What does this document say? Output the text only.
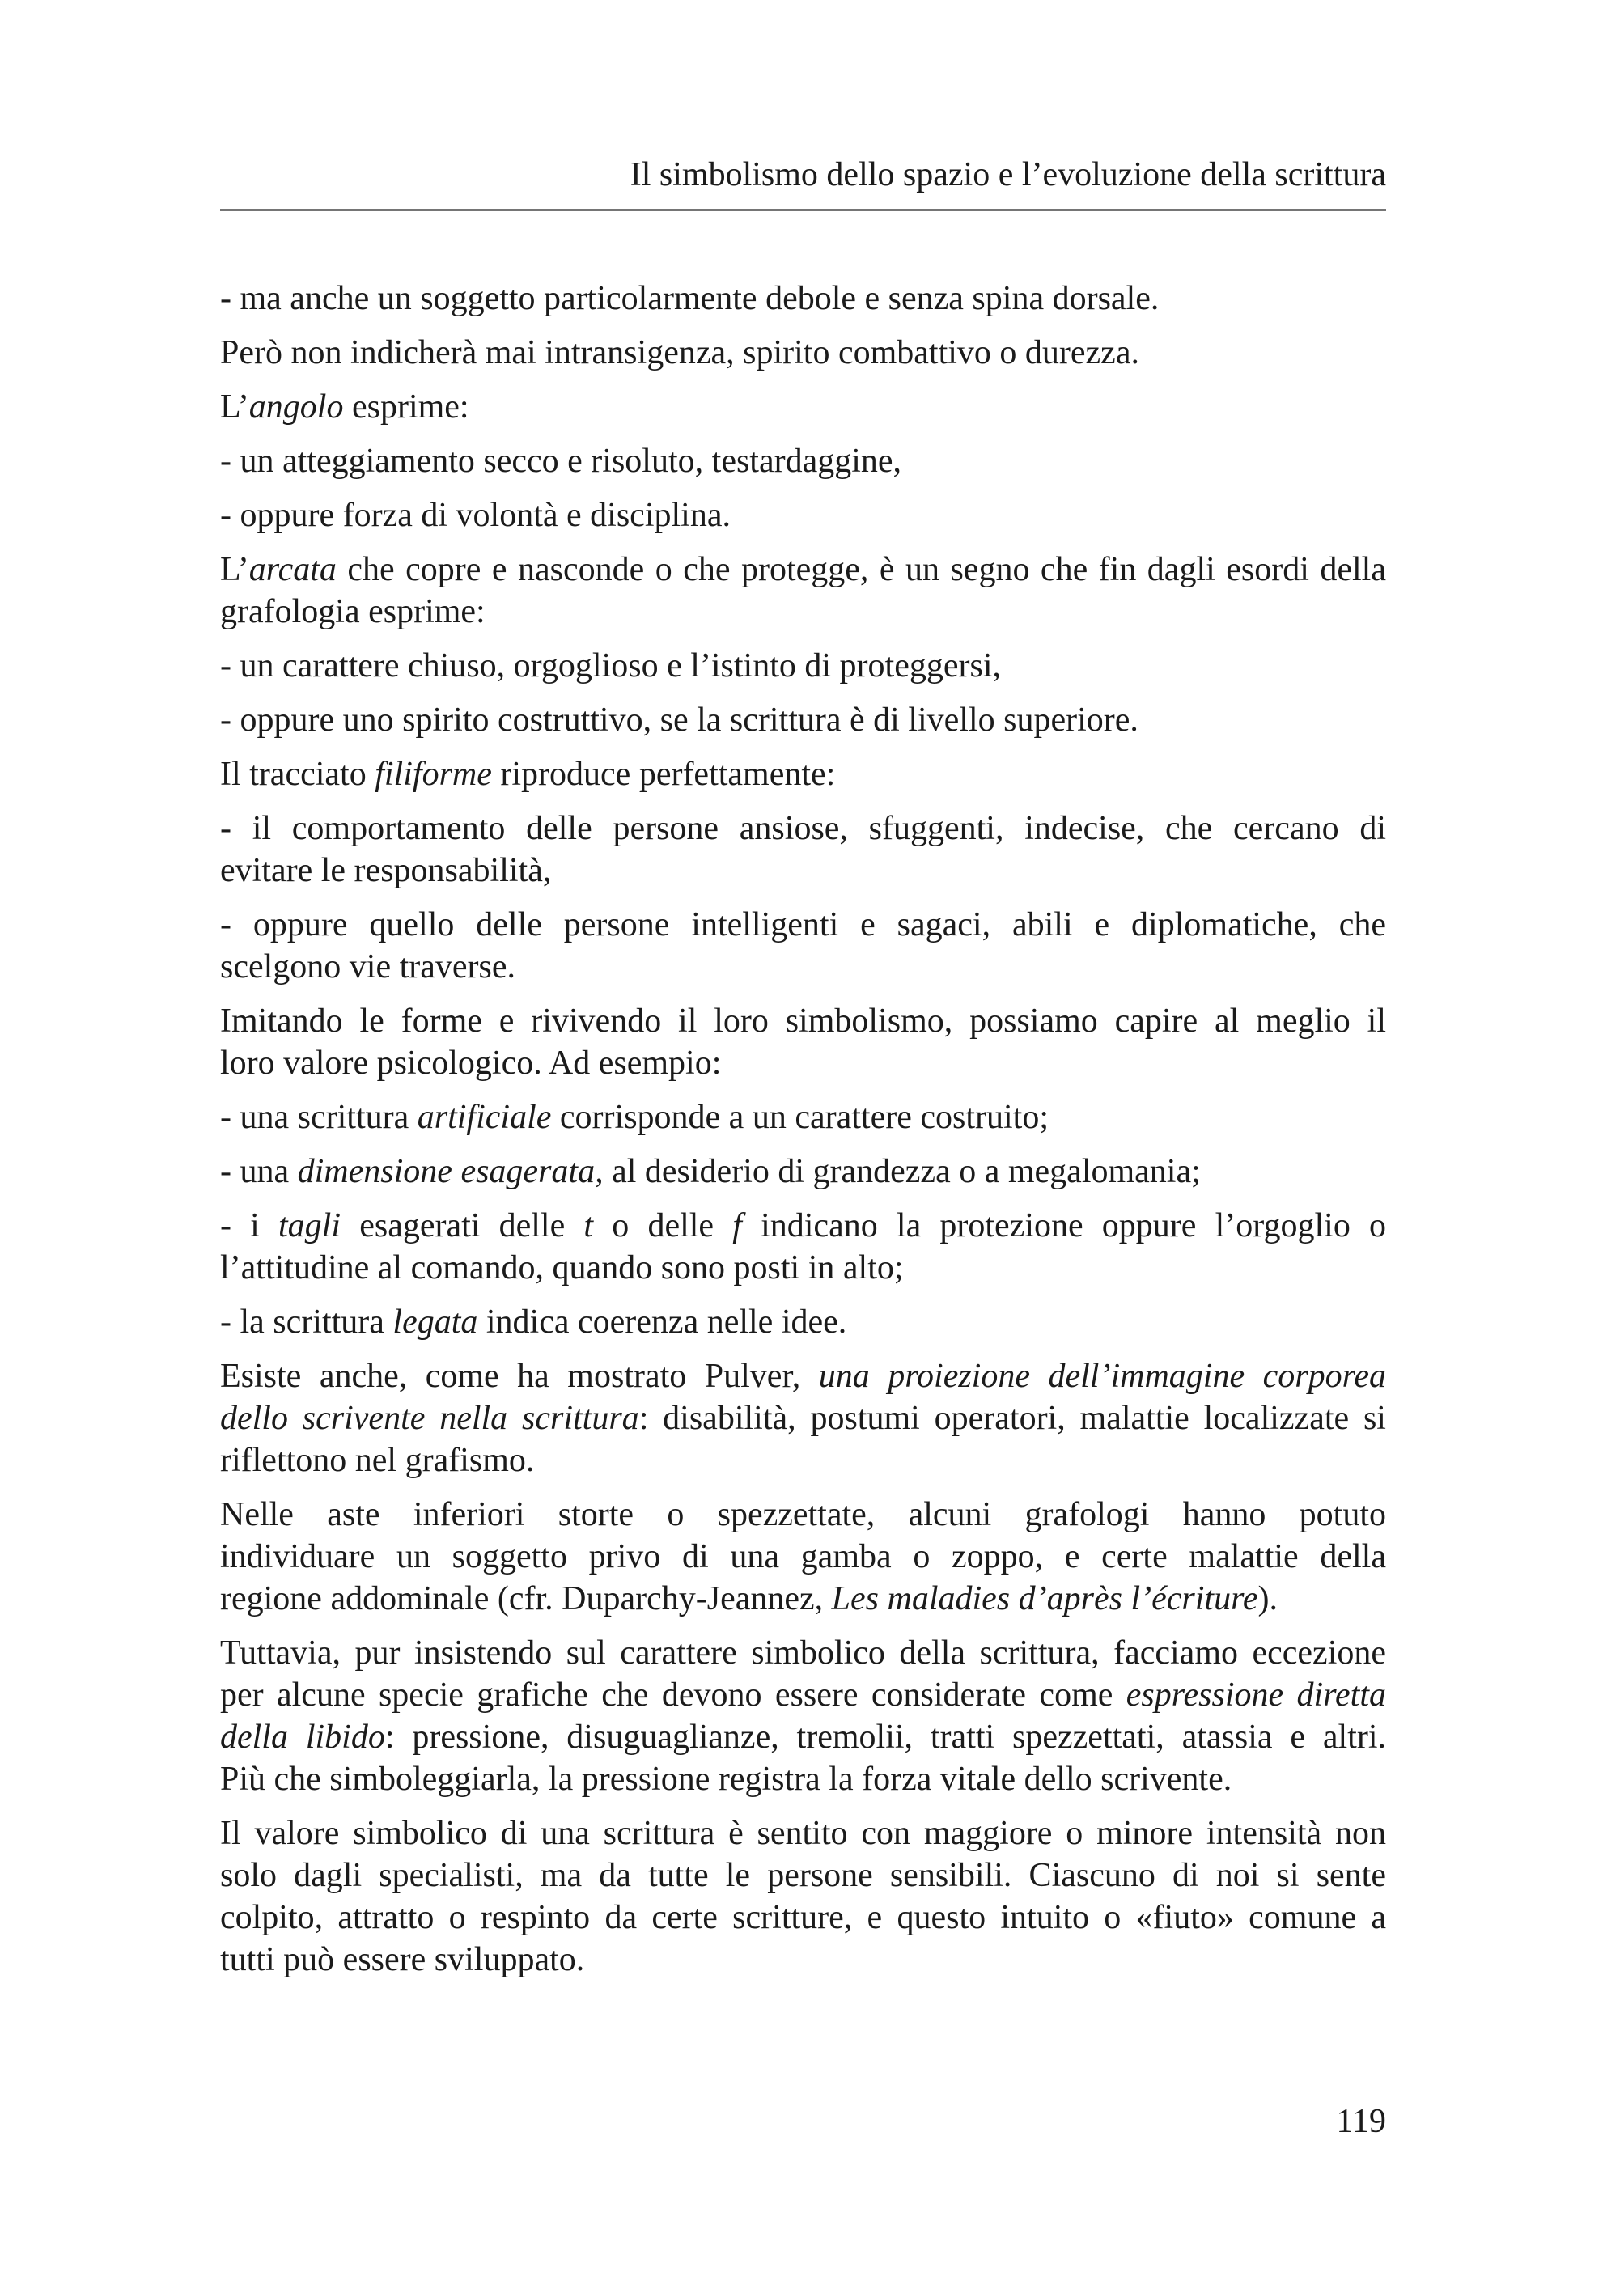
Il simbolismo dello spazio e l’evoluzione della scrittura

- ma anche un soggetto particolarmente debole e senza spina dorsale.

Però non indicherà mai intransigenza, spirito combattivo o durezza.

L’angolo esprime:

- un atteggiamento secco e risoluto, testardaggine,

- oppure forza di volontà e disciplina.

L’arcata che copre e nasconde o che protegge, è un segno che fin dagli esordi della
grafologia esprime:

- un carattere chiuso, orgoglioso e l’istinto di proteggersi,

- oppure uno spirito costruttivo, se la scrittura è di livello superiore.

Il tracciato filiforme riproduce perfettamente:

- il comportamento delle persone ansiose, sfuggenti, indecise, che cercano di
evitare le responsabilità,

- oppure quello delle persone intelligenti e sagaci, abili e diplomatiche, che
scelgono vie traverse.

Imitando le forme e rivivendo il loro simbolismo, possiamo capire al meglio il
loro valore psicologico. Ad esempio:

- una scrittura artificiale corrisponde a un carattere costruito;

- una dimensione esagerata, al desiderio di grandezza o a megalomania;

- i tagli esagerati delle t o delle f indicano la protezione oppure l’orgoglio o
l’attitudine al comando, quando sono posti in alto;

- la scrittura legata indica coerenza nelle idee.

Esiste anche, come ha mostrato Pulver, una proiezione dell’immagine corporea
dello scrivente nella scrittura: disabilità, postumi operatori, malattie localizzate si
riflettono nel grafismo.

Nelle aste inferiori storte o spezzettate, alcuni grafologi hanno potuto
individuare un soggetto privo di una gamba o zoppo, e certe malattie della
regione addominale (cfr. Duparchy-Jeannez, Les maladies d’après l’écriture).

Tuttavia, pur insistendo sul carattere simbolico della scrittura, facciamo eccezione
per alcune specie grafiche che devono essere considerate come espressione diretta
della libido: pressione, disuguaglianze, tremolii, tratti spezzettati, atassia e altri.
Più che simboleggiarla, la pressione registra la forza vitale dello scrivente.

Il valore simbolico di una scrittura è sentito con maggiore o minore intensità non
solo dagli specialisti, ma da tutte le persone sensibili. Ciascuno di noi si sente
colpito, attratto o respinto da certe scritture, e questo intuito o «fiuto» comune a
tutti può essere sviluppato.

119
